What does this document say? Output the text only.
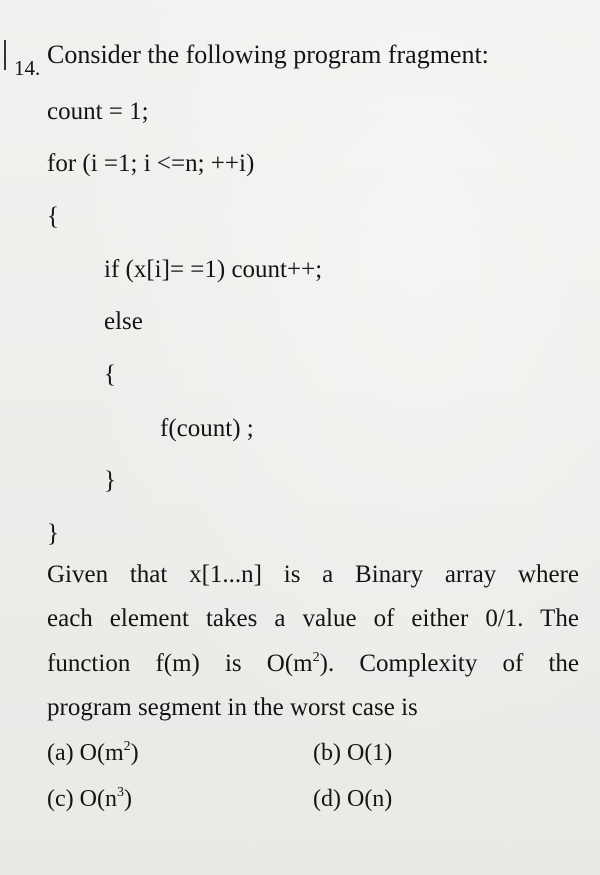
14. Consider the following program fragment:
count = 1;
for (i =1; i <=n; ++i)
{
if (x[i]= =1) count++;
else
{
f(count) ;
}
}
Given that x[1...n] is a Binary array where
each element takes a value of either 0/1. The
function f(m) is $O(m^2)$. Complexity of the
program segment in the worst case is
(a) $O(m^2)$	(b) O(1)
(c) $O(n^3)$	(d) O(n)
